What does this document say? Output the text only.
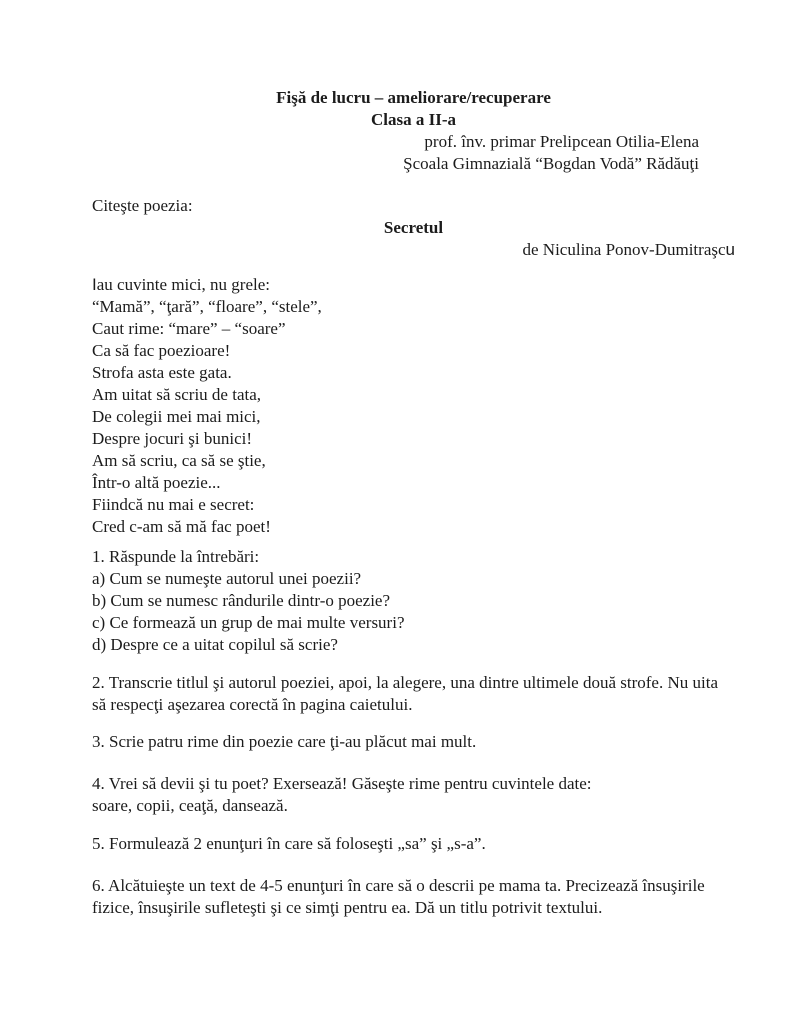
Fişă de lucru – ameliorare/recuperare

Clasa a II-a

prof. înv. primar Prelipcean Otilia-Elena

Şcoala Gimnazială “Bogdan Vodă” Rădăuţi

Citeşte poezia:

Secretul

de Niculina Ponov-Dumitraşcu

Iau cuvinte mici, nu grele:

“Mamă”, “ţară”, “floare”, “stele”,

Caut rime: “mare” – “soare”

Ca să fac poezioare!

Strofa asta este gata.

Am uitat să scriu de tata,

De colegii mei mai mici,

Despre jocuri şi bunici!

Am să scriu, ca să se ştie,

Într-o altă poezie...

Fiindcă nu mai e secret:

Cred c-am să mă fac poet!

1. Răspunde la întrebări:

a) Cum se numeşte autorul unei poezii?

b) Cum se numesc rândurile dintr-o poezie?

c) Ce formează un grup de mai multe versuri?

d) Despre ce a uitat copilul să scrie?

2. Transcrie titlul şi autorul poeziei, apoi, la alegere, una dintre ultimele două strofe. Nu uita să respecţi aşezarea corectă în pagina caietului.

3. Scrie patru rime din poezie care ţi-au plăcut mai mult.

4. Vrei să devii şi tu poet? Exersează! Găseşte rime pentru cuvintele date:

soare, copii, ceaţă, dansează.

5. Formulează 2 enunţuri în care să foloseşti „sa” şi „s-a”.

6. Alcătuieşte un text de 4-5 enunţuri în care să o descrii pe mama ta. Precizează însuşirile fizice, însuşirile sufleteşti şi ce simţi pentru ea. Dă un titlu potrivit textului.
